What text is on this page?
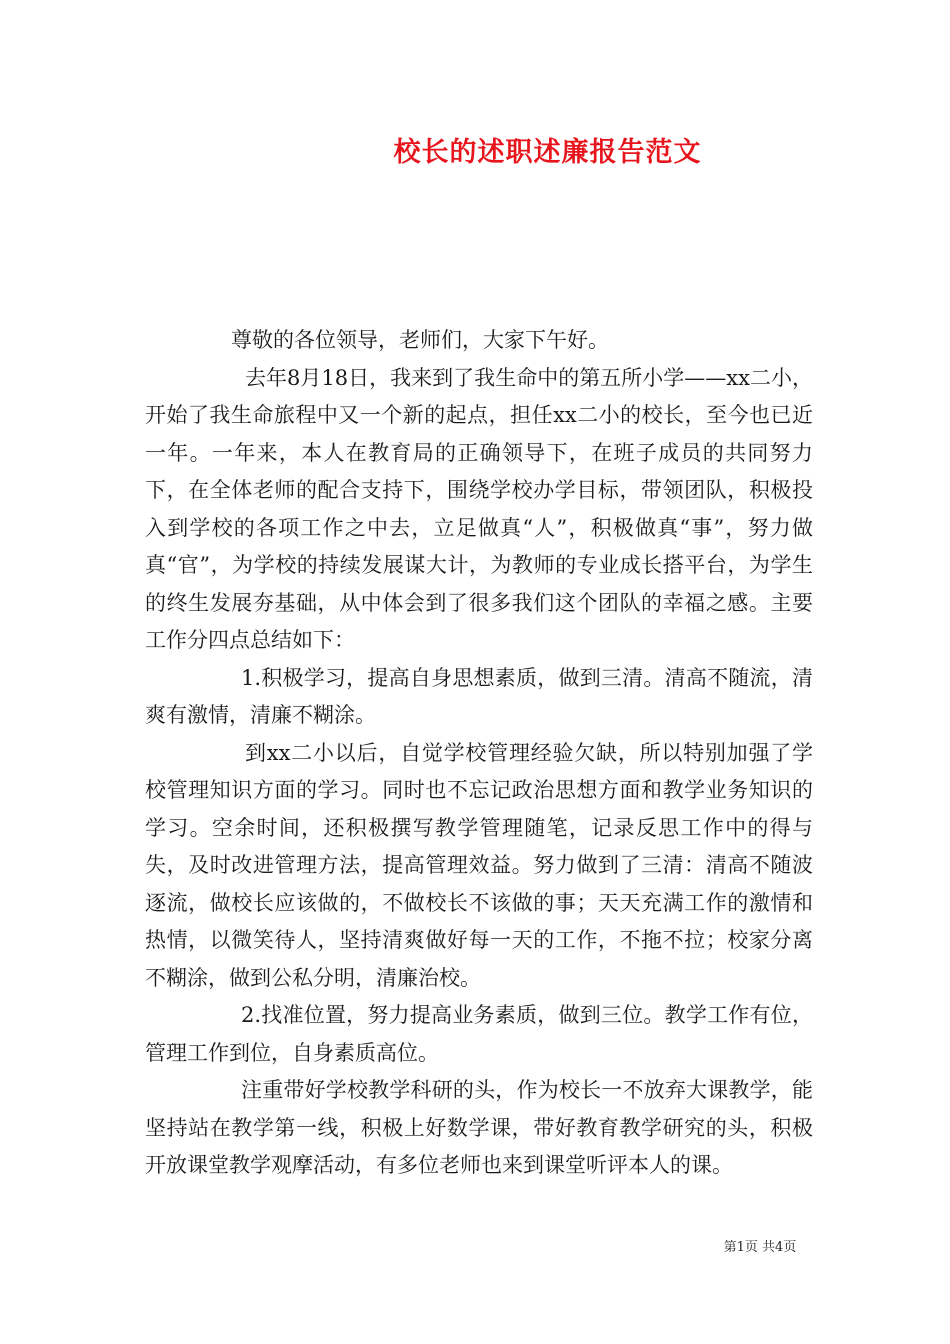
校长的述职述廉报告范文

尊敬的各位领导，老师们，大家下午好。

去年8月18日，我来到了我生命中的第五所小学——xx二小，开始了我生命旅程中又一个新的起点，担任xx二小的校长，至今也已近一年。一年来，本人在教育局的正确领导下，在班子成员的共同努力下，在全体老师的配合支持下，围绕学校办学目标，带领团队，积极投入到学校的各项工作之中去，立足做真“人”，积极做真“事”，努力做真“官”，为学校的持续发展谋大计，为教师的专业成长搭平台，为学生的终生发展夯基础，从中体会到了很多我们这个团队的幸福之感。主要工作分四点总结如下：

1.积极学习，提高自身思想素质，做到三清。清高不随流，清爽有激情，清廉不糊涂。

到xx二小以后，自觉学校管理经验欠缺，所以特别加强了学校管理知识方面的学习。同时也不忘记政治思想方面和教学业务知识的学习。空余时间，还积极撰写教学管理随笔，记录反思工作中的得与失，及时改进管理方法，提高管理效益。努力做到了三清：清高不随波逐流，做校长应该做的，不做校长不该做的事；天天充满工作的激情和热情，以微笑待人，坚持清爽做好每一天的工作，不拖不拉；校家分离不糊涂，做到公私分明，清廉治校。

2.找准位置，努力提高业务素质，做到三位。教学工作有位，管理工作到位，自身素质高位。

注重带好学校教学科研的头，作为校长一不放弃大课教学，能坚持站在教学第一线，积极上好数学课，带好教育教学研究的头，积极开放课堂教学观摩活动，有多位老师也来到课堂听评本人的课。

第1页 共4页
